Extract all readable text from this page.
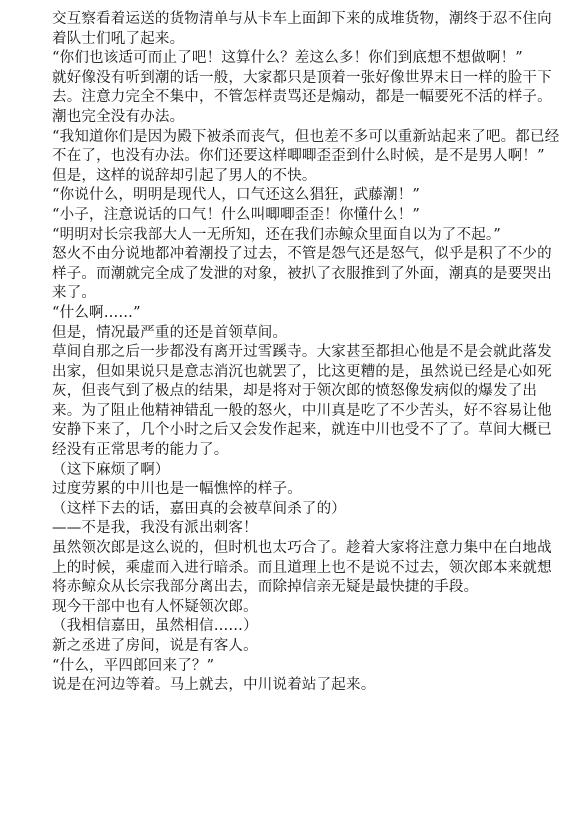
交互察看着运送的货物清单与从卡车上面卸下来的成堆货物，潮终于忍不住向着队士们吼了起来。

“你们也该适可而止了吧！这算什么？差这么多！你们到底想不想做啊！”

就好像没有听到潮的话一般，大家都只是顶着一张好像世界末日一样的脸干下去。注意力完全不集中，不管怎样责骂还是煽动，都是一幅要死不活的样子。潮也完全没有办法。

“我知道你们是因为殿下被杀而丧气，但也差不多可以重新站起来了吧。都已经不在了，也没有办法。你们还要这样唧唧歪歪到什么时候，是不是男人啊！”

但是，这样的说辞却引起了男人的不快。

“你说什么，明明是现代人，口气还这么猖狂，武藤潮！”

“小子，注意说话的口气！什么叫唧唧歪歪！你懂什么！”

“明明对长宗我部大人一无所知，还在我们赤鲸众里面自以为了不起。”

怒火不由分说地都冲着潮投了过去，不管是怨气还是怒气，似乎是积了不少的样子。而潮就完全成了发泄的对象，被扒了衣服推到了外面，潮真的是要哭出来了。

“什么啊……”

但是，情况最严重的还是首领草间。

草间自那之后一步都没有离开过雪蹊寺。大家甚至都担心他是不是会就此落发出家，但如果说只是意志消沉也就罢了，比这更糟的是，虽然说已经是心如死灰，但丧气到了极点的结果，却是将对于领次郎的愤怒像发病似的爆发了出来。为了阻止他精神错乱一般的怒火，中川真是吃了不少苦头，好不容易让他安静下来了，几个小时之后又会发作起来，就连中川也受不了了。草间大概已经没有正常思考的能力了。

（这下麻烦了啊）

过度劳累的中川也是一幅憔悴的样子。

（这样下去的话，嘉田真的会被草间杀了的）

——不是我，我没有派出刺客！

虽然领次郎是这么说的，但时机也太巧合了。趁着大家将注意力集中在白地战上的时候，乘虚而入进行暗杀。而且道理上也不是说不过去，领次郎本来就想将赤鲸众从长宗我部分离出去，而除掉信亲无疑是最快捷的手段。

现今干部中也有人怀疑领次郎。

（我相信嘉田，虽然相信……）

新之丞进了房间，说是有客人。

“什么，平四郎回来了？”

说是在河边等着。马上就去，中川说着站了起来。
